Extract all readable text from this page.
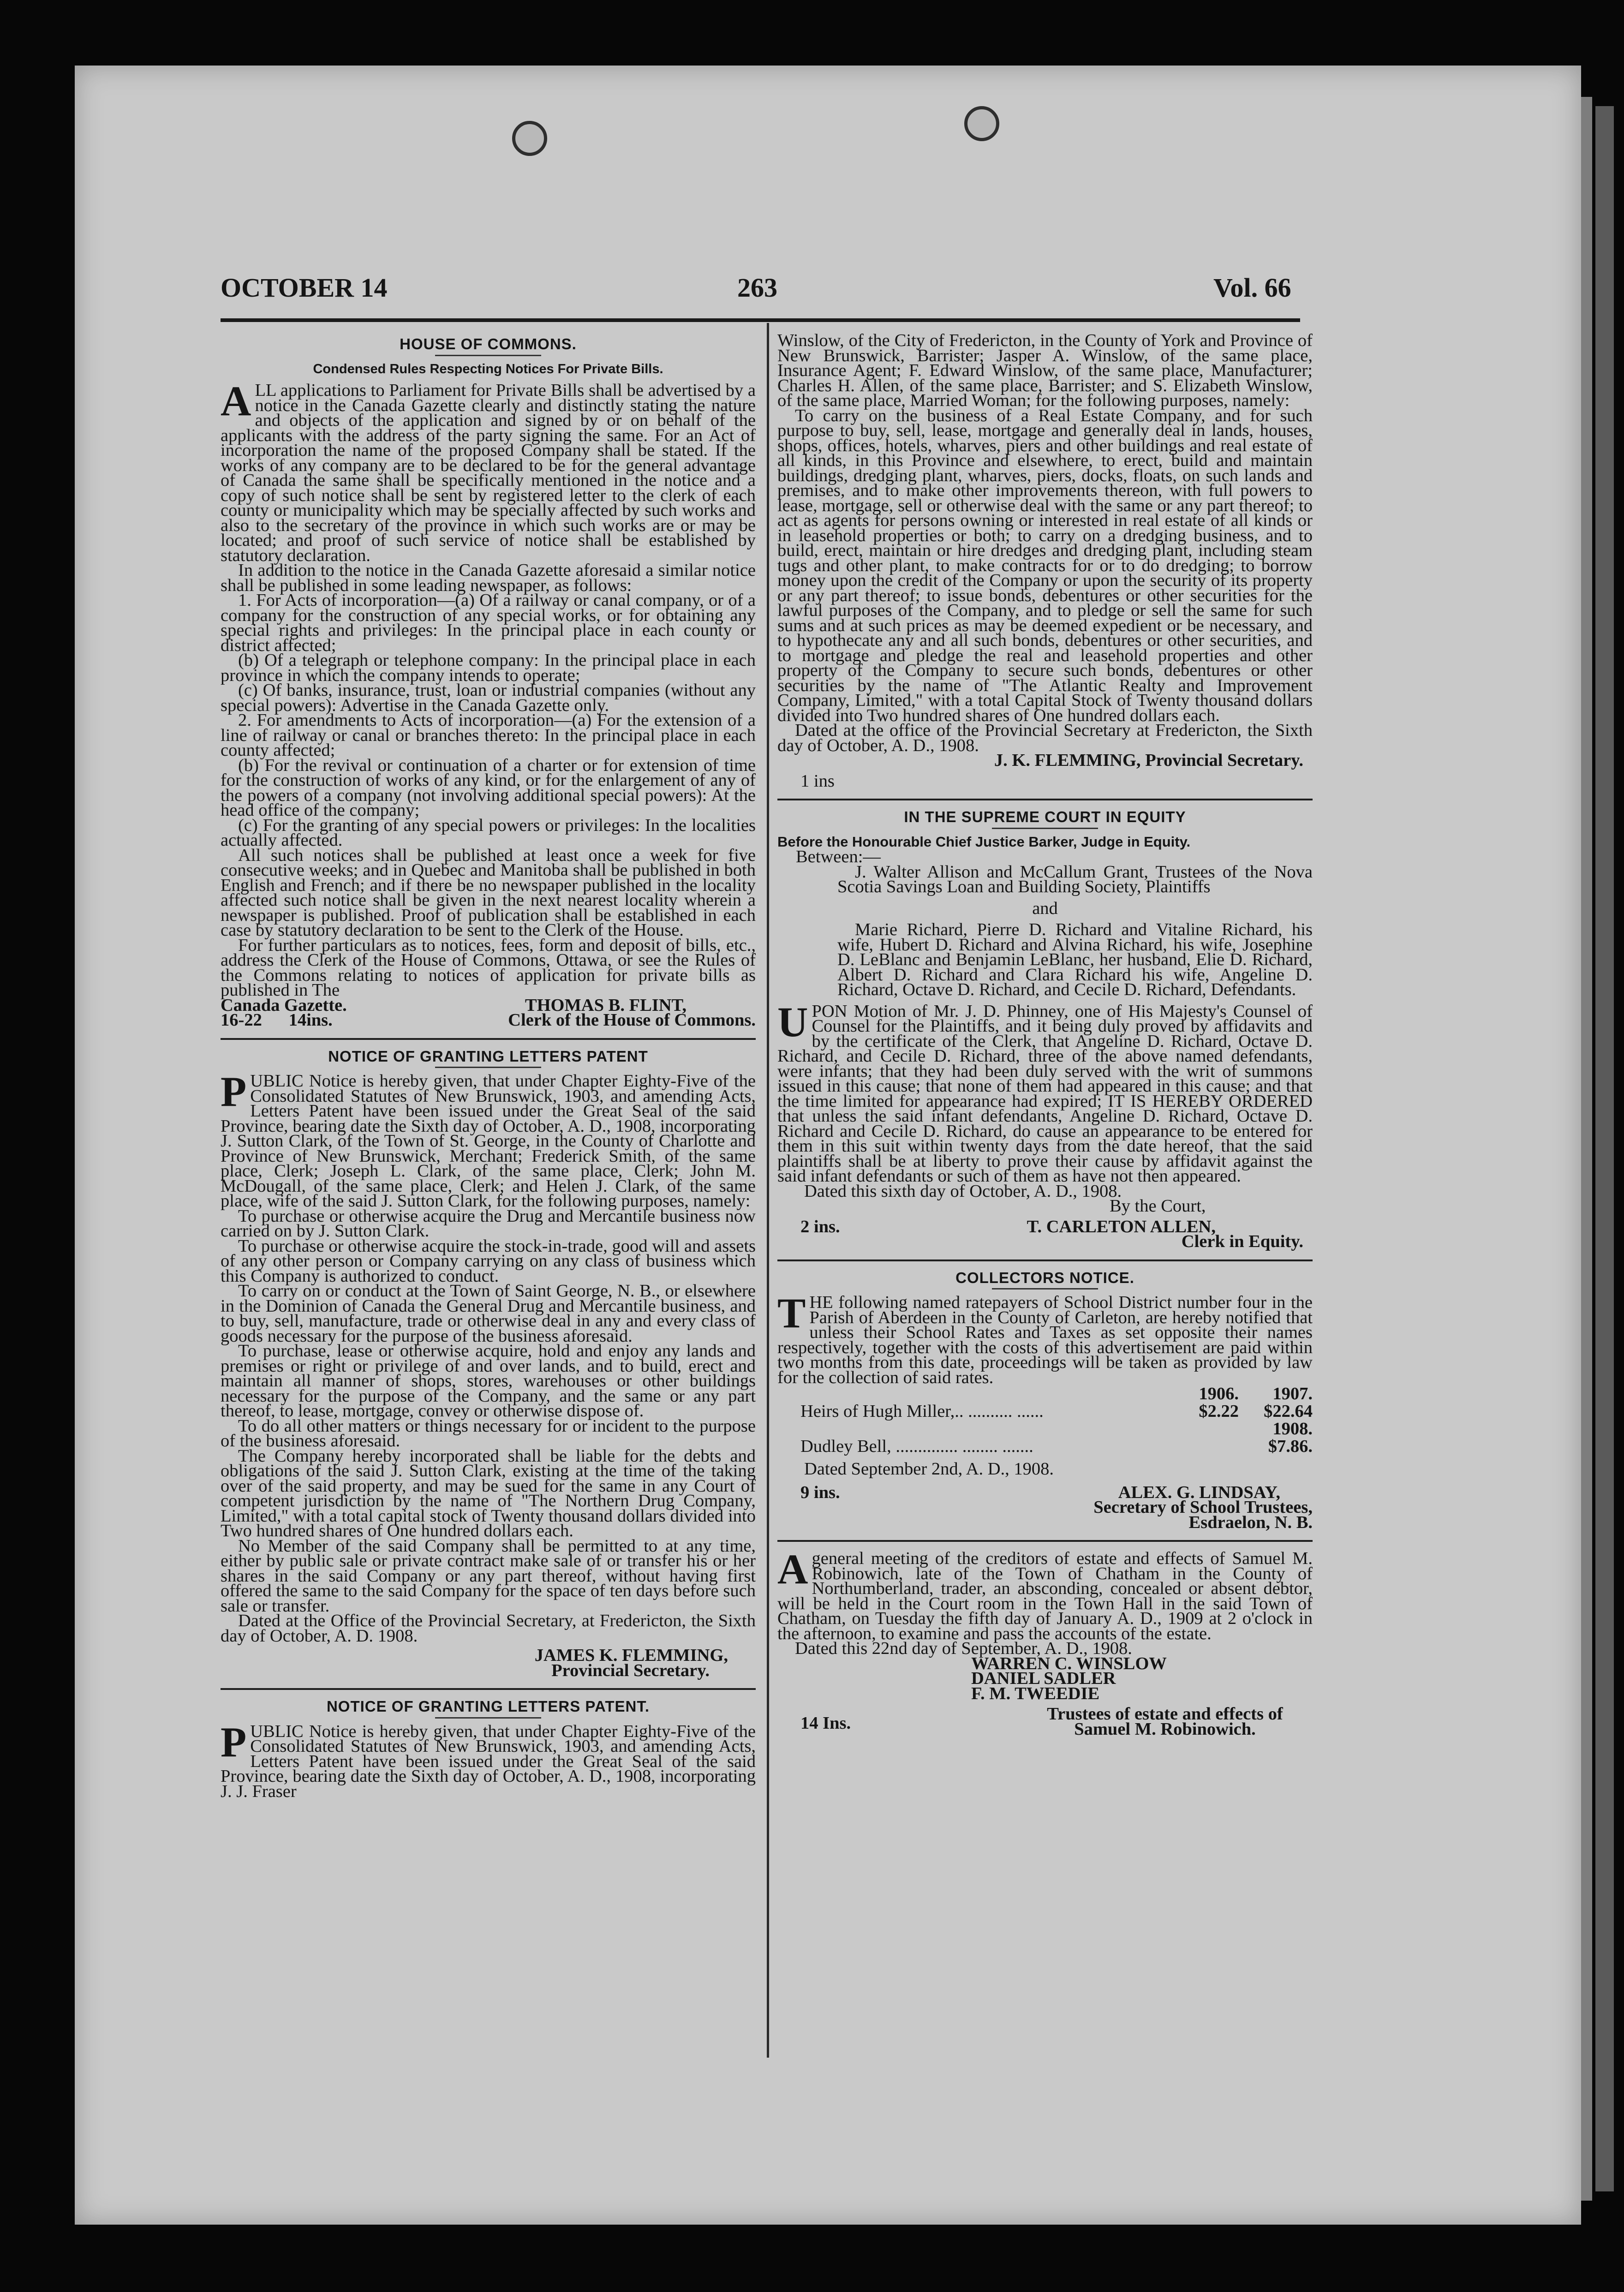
OCTOBER 14	263	Vol. 66
HOUSE OF COMMONS.
Condensed Rules Respecting Notices For Private Bills.

ALL applications to Parliament for Private Bills shall be advertised by a notice in the Canada Gazette clearly and distinctly stating the nature and objects of the application and signed by or on behalf of the applicants with the address of the party signing the same. For an Act of incorporation the name of the proposed Company shall be stated. If the works of any company are to be declared to be for the general advantage of Canada the same shall be specifically mentioned in the notice and a copy of such notice shall be sent by registered letter to the clerk of each county or municipality which may be specially affected by such works and also to the secretary of the province in which such works are or may be located; and proof of such service of notice shall be established by statutory declaration.

In addition to the notice in the Canada Gazette aforesaid a similar notice shall be published in some leading newspaper, as follows:

1. For Acts of incorporation—(a) Of a railway or canal company, or of a company for the construction of any special works, or for obtaining any special rights and privileges: In the principal place in each county or district affected;

(b) Of a telegraph or telephone company: In the principal place in each province in which the company intends to operate;

(c) Of banks, insurance, trust, loan or industrial companies (without any special powers): Advertise in the Canada Gazette only.

2. For amendments to Acts of incorporation—(a) For the extension of a line of railway or canal or branches thereto: In the principal place in each county affected;

(b) For the revival or continuation of a charter or for extension of time for the construction of works of any kind, or for the enlargement of any of the powers of a company (not involving additional special powers): At the head office of the company;

(c) For the granting of any special powers or privileges: In the localities actually affected.

All such notices shall be published at least once a week for five consecutive weeks; and in Quebec and Manitoba shall be published in both English and French; and if there be no newspaper published in the locality affected such notice shall be given in the next nearest locality wherein a newspaper is published. Proof of publication shall be established in each case by statutory declaration to be sent to the Clerk of the House.

For further particulars as to notices, fees, form and deposit of bills, etc., address the Clerk of the House of Commons, Ottawa, or see the Rules of the Commons relating to notices of application for private bills as published in The

Canada Gazette.	THOMAS B. FLINT,
16-22 14ins.	Clerk of the House of Commons.
NOTICE OF GRANTING LETTERS PATENT

PUBLIC Notice is hereby given, that under Chapter Eighty-Five of the Consolidated Statutes of New Brunswick, 1903, and amending Acts, Letters Patent have been issued under the Great Seal of the said Province, bearing date the Sixth day of October, A. D., 1908, incorporating J. Sutton Clark, of the Town of St. George, in the County of Charlotte and Province of New Brunswick, Merchant; Frederick Smith, of the same place, Clerk; Joseph L. Clark, of the same place, Clerk; John M. McDougall, of the same place, Clerk; and Helen J. Clark, of the same place, wife of the said J. Sutton Clark, for the following purposes, namely:

To purchase or otherwise acquire the Drug and Mercantile business now carried on by J. Sutton Clark.

To purchase or otherwise acquire the stock-in-trade, good will and assets of any other person or Company carrying on any class of business which this Company is authorized to conduct.

To carry on or conduct at the Town of Saint George, N. B., or elsewhere in the Dominion of Canada the General Drug and Mercantile business, and to buy, sell, manufacture, trade or otherwise deal in any and every class of goods necessary for the purpose of the business aforesaid.

To purchase, lease or otherwise acquire, hold and enjoy any lands and premises or right or privilege of and over lands, and to build, erect and maintain all manner of shops, stores, warehouses or other buildings necessary for the purpose of the Company, and the same or any part thereof, to lease, mortgage, convey or otherwise dispose of.

To do all other matters or things necessary for or incident to the purpose of the business aforesaid.

The Company hereby incorporated shall be liable for the debts and obligations of the said J. Sutton Clark, existing at the time of the taking over of the said property, and may be sued for the same in any Court of competent jurisdiction by the name of "The Northern Drug Company, Limited," with a total capital stock of Twenty thousand dollars divided into Two hundred shares of One hundred dollars each.

No Member of the said Company shall be permitted to at any time, either by public sale or private contract make sale of or transfer his or her shares in the said Company or any part thereof, without having first offered the same to the said Company for the space of ten days before such sale or transfer.

Dated at the Office of the Provincial Secretary, at Fredericton, the Sixth day of October, A. D. 1908.

JAMES K. FLEMMING,
Provincial Secretary.
NOTICE OF GRANTING LETTERS PATENT.

PUBLIC Notice is hereby given, that under Chapter Eighty-Five of the Consolidated Statutes of New Brunswick, 1903, and amending Acts, Letters Patent have been issued under the Great Seal of the said Province, bearing date the Sixth day of October, A. D., 1908, incorporating J. J. Fraser

Winslow, of the City of Fredericton, in the County of York and Province of New Brunswick, Barrister; Jasper A. Winslow, of the same place, Insurance Agent; F. Edward Winslow, of the same place, Manufacturer; Charles H. Allen, of the same place, Barrister; and S. Elizabeth Winslow, of the same place, Married Woman; for the following purposes, namely:

To carry on the business of a Real Estate Company, and for such purpose to buy, sell, lease, mortgage and generally deal in lands, houses, shops, offices, hotels, wharves, piers and other buildings and real estate of all kinds, in this Province and elsewhere, to erect, build and maintain buildings, dredging plant, wharves, piers, docks, floats, on such lands and premises, and to make other improvements thereon, with full powers to lease, mortgage, sell or otherwise deal with the same or any part thereof; to act as agents for persons owning or interested in real estate of all kinds or in leasehold properties or both; to carry on a dredging business, and to build, erect, maintain or hire dredges and dredging plant, including steam tugs and other plant, to make contracts for or to do dredging; to borrow money upon the credit of the Company or upon the security of its property or any part thereof; to issue bonds, debentures or other securities for the lawful purposes of the Company, and to pledge or sell the same for such sums and at such prices as may be deemed expedient or be necessary, and to hypothecate any and all such bonds, debentures or other securities, and to mortgage and pledge the real and leasehold properties and other property of the Company to secure such bonds, debentures or other securities by the name of "The Atlantic Realty and Improvement Company, Limited," with a total Capital Stock of Twenty thousand dollars divided into Two hundred shares of One hundred dollars each.

Dated at the office of the Provincial Secretary at Fredericton, the Sixth day of October, A. D., 1908.

J. K. FLEMMING, Provincial Secretary.
1 ins
IN THE SUPREME COURT IN EQUITY

Before the Honourable Chief Justice Barker, Judge in Equity.

Between:—

J. Walter Allison and McCallum Grant, Trustees of the Nova Scotia Savings Loan and Building Society, Plaintiffs

and

Marie Richard, Pierre D. Richard and Vitaline Richard, his wife, Hubert D. Richard and Alvina Richard, his wife, Josephine D. LeBlanc and Benjamin LeBlanc, her husband, Elie D. Richard, Albert D. Richard and Clara Richard his wife, Angeline D. Richard, Octave D. Richard, and Cecile D. Richard, Defendants.

UPON Motion of Mr. J. D. Phinney, one of His Majesty's Counsel of Counsel for the Plaintiffs, and it being duly proved by affidavits and by the certificate of the Clerk, that Angeline D. Richard, Octave D. Richard, and Cecile D. Richard, three of the above named defendants, were infants; that they had been duly served with the writ of summons issued in this cause; that none of them had appeared in this cause; and that the time limited for appearance had expired; IT IS HEREBY ORDERED that unless the said infant defendants, Angeline D. Richard, Octave D. Richard and Cecile D. Richard, do cause an appearance to be entered for them in this suit within twenty days from the date hereof, that the said plaintiffs shall be at liberty to prove their cause by affidavit against the said infant defendants or such of them as have not then appeared.

Dated this sixth day of October, A. D., 1908.

By the Court,
2 ins.	T. CARLETON ALLEN,
Clerk in Equity.
COLLECTORS NOTICE.

THE following named ratepayers of School District number four in the Parish of Aberdeen in the County of Carleton, are hereby notified that unless their School Rates and Taxes as set opposite their names respectively, together with the costs of this advertisement are paid within two months from this date, proceedings will be taken as provided by law for the collection of said rates.

	1906.	1907.
Heirs of Hugh Miller,.. .......... ......	$2.22	$22.64
		1908.
Dudley Bell, .............. ........ .......		$7.86.

Dated September 2nd, A. D., 1908.

9 ins.	ALEX. G. LINDSAY,
Secretary of School Trustees,
Esdraelon, N. B.

Ageneral meeting of the creditors of estate and effects of Samuel M. Robinowich, late of the Town of Chatham in the County of Northumberland, trader, an absconding, concealed or absent debtor, will be held in the Court room in the Town Hall in the said Town of Chatham, on Tuesday the fifth day of January A. D., 1909 at 2 o'clock in the afternoon, to examine and pass the accounts of the estate.

Dated this 22nd day of September, A. D., 1908.

WARREN C. WINSLOW
DANIEL SADLER
F. M. TWEEDIE
14 Ins.	Trustees of estate and effects of Samuel M. Robinowich.
